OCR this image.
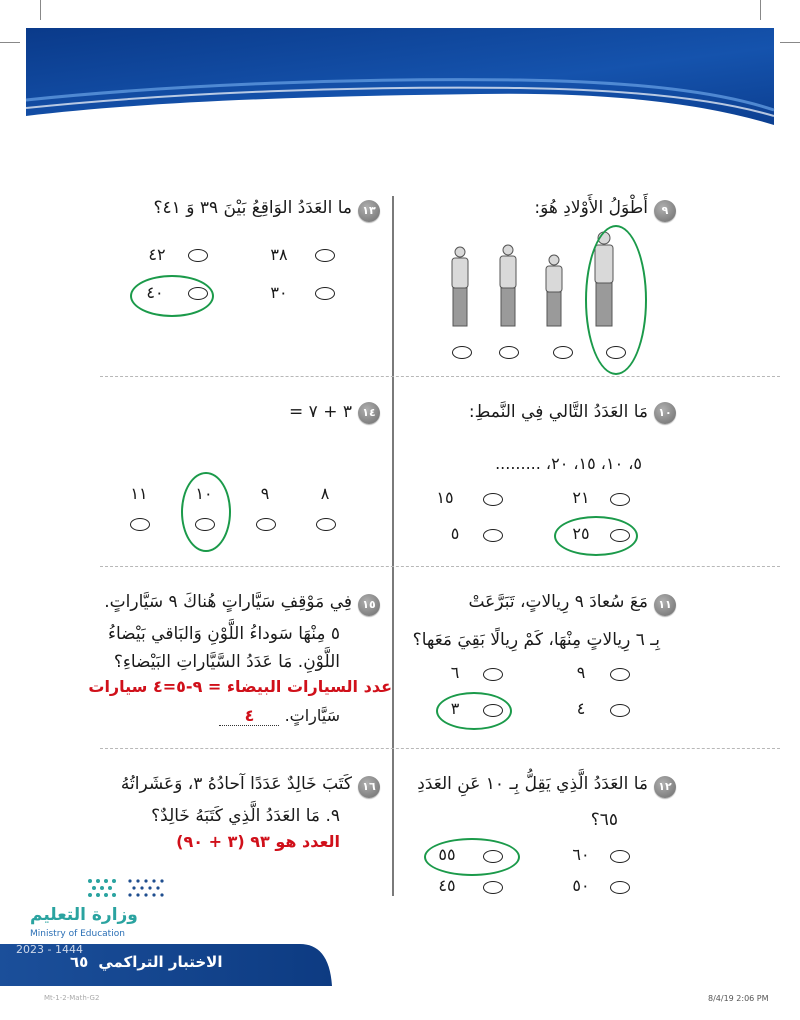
٩
أَطْوَلُ الأَوْلادِ هُوَ:
١٣
ما العَدَدُ الوَاقِعُ بَيْنَ ٣٩ وَ ٤١؟
٣٨
٤٢
٣٠
٤٠
١٠
مَا العَدَدُ التَّالي فِي النَّمطِ:
٥، ١٠، ١٥، ٢٠، .........
٢١
١٥
٢٥
٥
١٤
٣ + ٧ =
٨
٩
١٠
١١
١١
مَعَ سُعادَ ٩ رِيالاتٍ، تَبَرَّعَتْ
بِـ ٦ رِيالاتٍ مِنْهَا، كَمْ رِيالًا بَقِيَ مَعَها؟
٩
٦
٤
٣
١٥
فِي مَوْقِفِ سَيَّاراتٍ هُناكَ ٩ سَيَّاراتٍ.
٥ مِنْهَا سَوداءُ اللَّوْنِ وَالبَاقي بَيْضاءُ
اللَّوْنِ. مَا عَدَدُ السَّيَّاراتِ البَيْضاءِ؟
عدد السيارات البيضاء = ٩-٥=٤ سيارات
سَيَّاراتٍ. ٤
١٢
مَا العَدَدُ الَّذِي يَقِلُّ بِـ ١٠ عَنِ العَدَدِ
٦٥؟
٦٠
٥٥
٥٠
٤٥
١٦
كَتَبَ خَالِدٌ عَدَدًا آحادُهُ ٣، وَعَشَراتُهُ
٩. مَا العَدَدُ الَّذِي كَتَبَهُ خَالِدٌ؟
العدد هو ٩٣ (٣ + ٩٠)
وزارة التعليم
Ministry of Education
2023 - 1444
الاختبار التراكمي
٦٥
8/4/19 2:06 PM
Mt-1-2-Math-G2
